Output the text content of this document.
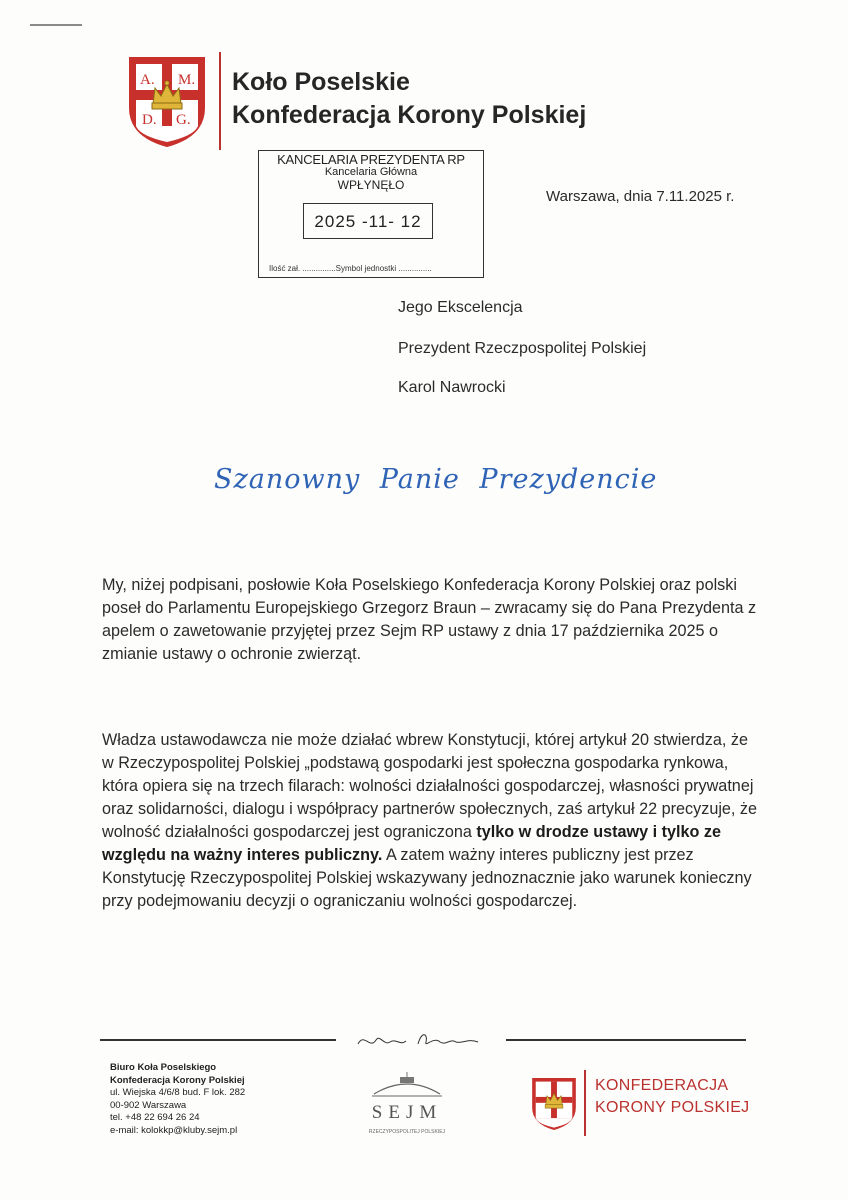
A. M.
D. G.
Koło Poselskie
Konfederacja Korony Polskiej
KANCELARIA PREZYDENTA RP
Kancelaria Główna
WPŁYNĘŁO
2025 -11- 12
Ilość zał. ...............Symbol jednostki ...............
Warszawa, dnia 7.11.2025 r.
Jego Ekscelencja
Prezydent Rzeczpospolitej Polskiej
Karol Nawrocki
Szanowny Panie Prezydencie

My, niżej podpisani, posłowie Koła Poselskiego Konfederacja Korony Polskiej oraz polski poseł do Parlamentu Europejskiego Grzegorz Braun – zwracamy się do Pana Prezydenta z apelem o zawetowanie przyjętej przez Sejm RP ustawy z dnia 17 października 2025 o zmianie ustawy o ochronie zwierząt.

Władza ustawodawcza nie może działać wbrew Konstytucji, której artykuł 20 stwierdza, że w Rzeczypospolitej Polskiej „podstawą gospodarki jest społeczna gospodarka rynkowa, która opiera się na trzech filarach: wolności działalności gospodarczej, własności prywatnej oraz solidarności, dialogu i współpracy partnerów społecznych, zaś artykuł 22 precyzuje, że wolność działalności gospodarczej jest ograniczona tylko w drodze ustawy i tylko ze względu na ważny interes publiczny. A zatem ważny interes publiczny jest przez Konstytucję Rzeczypospolitej Polskiej wskazywany jednoznacznie jako warunek konieczny przy podejmowaniu decyzji o ograniczaniu wolności gospodarczej.

Biuro Koła Poselskiego
Konfederacja Korony Polskiej
ul. Wiejska 4/6/8 bud. F lok. 282
00-902 Warszawa
tel. +48 22 694 26 24
e-mail: kolokkp@kluby.sejm.pl
SEJM
RZECZYPOSPOLITEJ POLSKIEJ
KONFEDERACJA
KORONY POLSKIEJ
